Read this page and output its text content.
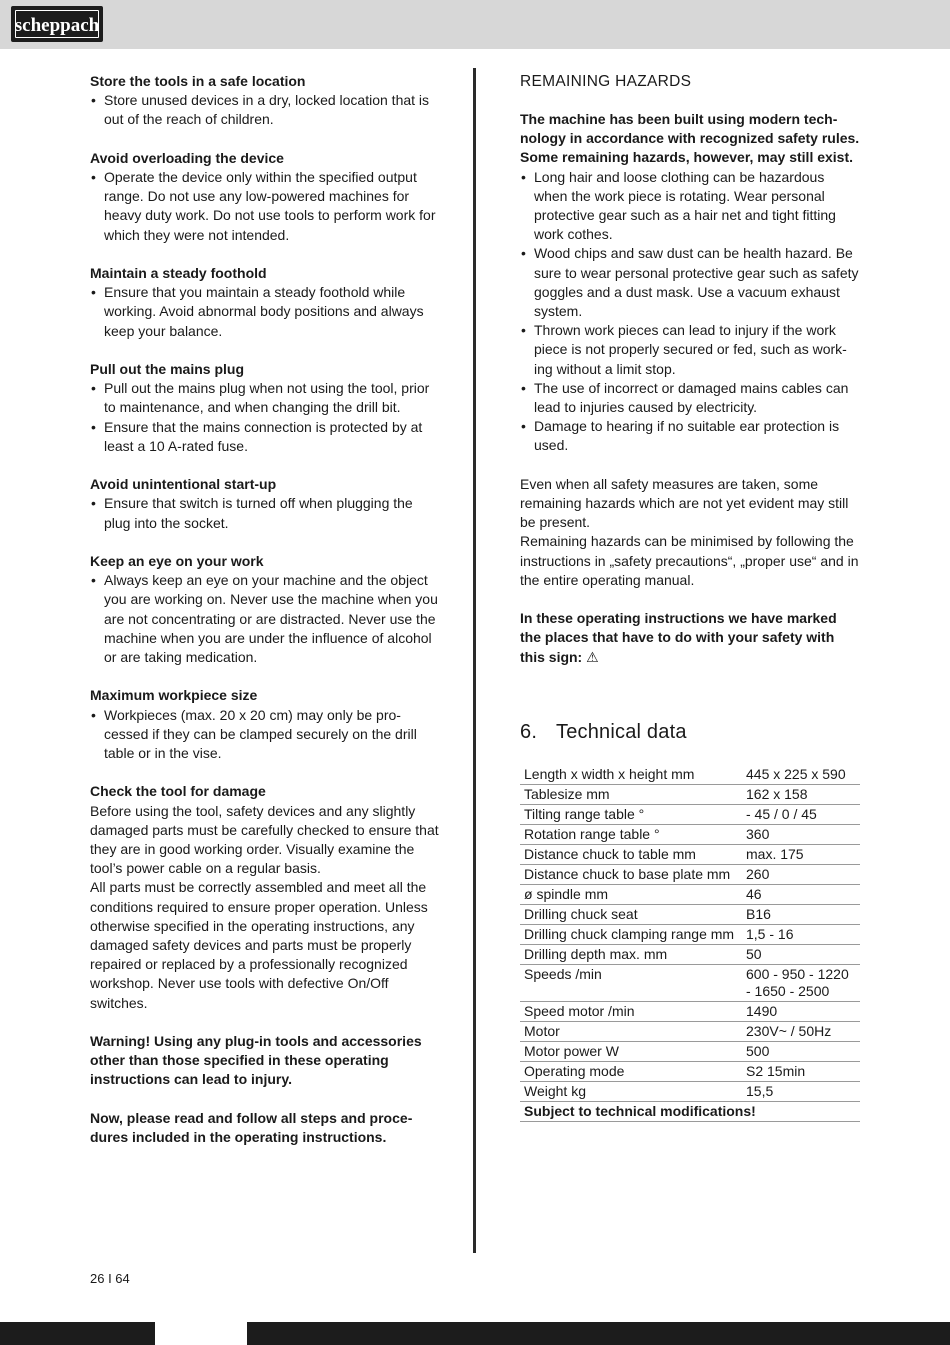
scheppach

Store the tools in a safe location

• Store unused devices in a dry, locked location that is out of the reach of children.

Avoid overloading the device

• Operate the device only within the specified output range. Do not use any low-powered machines for heavy duty work. Do not use tools to perform work for which they were not intended.

Maintain a steady foothold

• Ensure that you maintain a steady foothold while working. Avoid abnormal body positions and always keep your balance.

Pull out the mains plug

• Pull out the mains plug when not using the tool, prior to maintenance, and when changing the drill bit.
• Ensure that the mains connection is protected by at least a 10 A-rated fuse.

Avoid unintentional start-up

• Ensure that switch is turned off when plugging the plug into the socket.

Keep an eye on your work

• Always keep an eye on your machine and the object you are working on. Never use the machine when you are not concentrating or are distracted. Never use the machine when you are under the influence of alcohol or are taking medication.

Maximum workpiece size

• Workpieces (max. 20 x 20 cm) may only be processed if they can be clamped securely on the drill table or in the vise.

Check the tool for damage

Before using the tool, safety devices and any slightly damaged parts must be carefully checked to ensure that they are in good working order. Visually examine the tool’s power cable on a regular basis.

All parts must be correctly assembled and meet all the conditions required to ensure proper operation. Unless otherwise specified in the operating instructions, any damaged safety devices and parts must be properly repaired or replaced by a professionally recognized workshop. Never use tools with defective On/Off switches.

Warning! Using any plug-in tools and accessories other than those specified in these operating instructions can lead to injury.

Now, please read and follow all steps and procedures included in the operating instructions.

REMAINING HAZARDS

The machine has been built using modern technology in accordance with recognized safety rules. Some remaining hazards, however, may still exist.

• Long hair and loose clothing can be hazardous when the work piece is rotating. Wear personal protective gear such as a hair net and tight fitting work cothes.
• Wood chips and saw dust can be health hazard. Be sure to wear personal protective gear such as safety goggles and a dust mask. Use a vacuum exhaust system.
• Thrown work pieces can lead to injury if the work piece is not properly secured or fed, such as working without a limit stop.
• The use of incorrect or damaged mains cables can lead to injuries caused by electricity.
• Damage to hearing if no suitable ear protection is used.

Even when all safety measures are taken, some remaining hazards which are not yet evident may still be present.

Remaining hazards can be minimised by following the instructions in „safety precautions“, „proper use“ and in the entire operating manual.

In these operating instructions we have marked the places that have to do with your safety with this sign: ⚠

6. Technical data
Length x width x height mm	445 x 225 x 590
Tablesize mm	162 x 158
Tilting range table °	- 45 / 0 / 45
Rotation range table °	360
Distance chuck to table mm	max. 175
Distance chuck to base plate mm	260
ø spindle mm	46
Drilling chuck seat	B16
Drilling chuck clamping range mm	1,5 - 16
Drilling depth max. mm	50
Speeds /min	600 - 950 - 1220 - 1650 - 2500
Speed motor /min	1490
Motor	230V~ / 50Hz
Motor power W	500
Operating mode	S2 15min
Weight kg	15,5
Subject to technical modifications!	
26 I 64
